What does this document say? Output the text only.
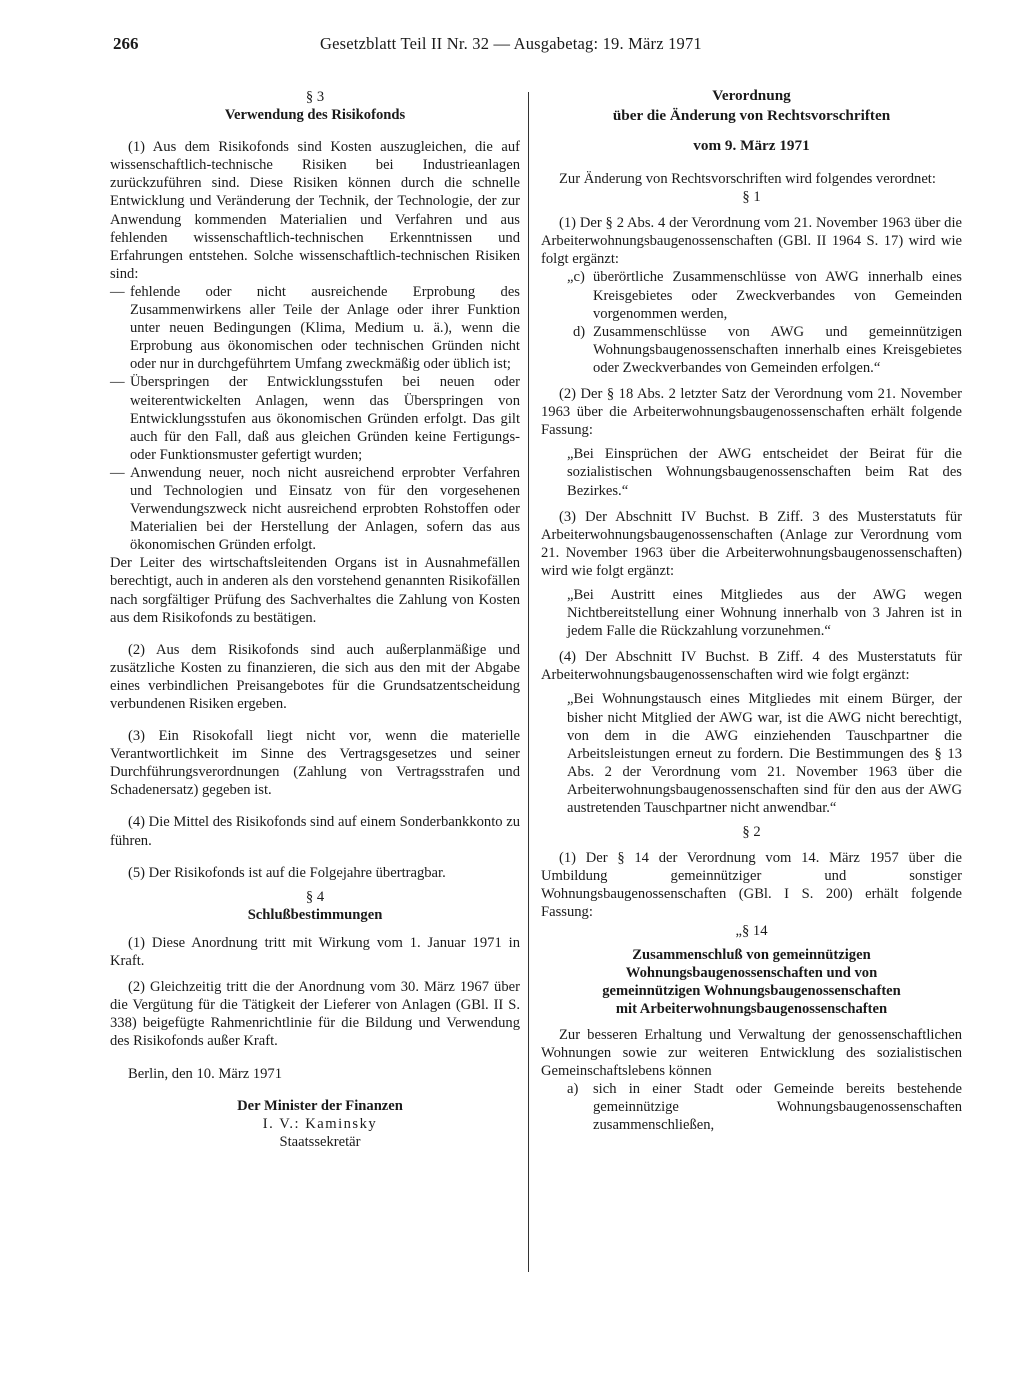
266	Gesetzblatt Teil II Nr. 32 — Ausgabetag: 19. März 1971
§ 3
Verwendung des Risikofonds
(1) Aus dem Risikofonds sind Kosten auszugleichen, die auf wissenschaftlich-technische Risiken bei Industrieanlagen zurückzuführen sind. Diese Risiken können durch die schnelle Entwicklung und Veränderung der Technik, der Technologie, der zur Anwendung kommenden Materialien und Verfahren und aus fehlenden wissenschaftlich-technischen Erkenntnissen und Erfahrungen entstehen. Solche wissenschaftlich-technischen Risiken sind:
— fehlende oder nicht ausreichende Erprobung des Zusammenwirkens aller Teile der Anlage oder ihrer Funktion unter neuen Bedingungen (Klima, Medium u. ä.), wenn die Erprobung aus ökonomischen oder technischen Gründen nicht oder nur in durchgeführtem Umfang zweckmäßig oder üblich ist;
— Überspringen der Entwicklungsstufen bei neuen oder weiterentwickelten Anlagen, wenn das Überspringen von Entwicklungsstufen aus ökonomischen Gründen erfolgt. Das gilt auch für den Fall, daß aus gleichen Gründen keine Fertigungs- oder Funktionsmuster gefertigt wurden;
— Anwendung neuer, noch nicht ausreichend erprobter Verfahren und Technologien und Einsatz von für den vorgesehenen Verwendungszweck nicht ausreichend erprobten Rohstoffen oder Materialien bei der Herstellung der Anlagen, sofern das aus ökonomischen Gründen erfolgt.
Der Leiter des wirtschaftsleitenden Organs ist in Ausnahmefällen berechtigt, auch in anderen als den vorstehend genannten Risikofällen nach sorgfältiger Prüfung des Sachverhaltes die Zahlung von Kosten aus dem Risikofonds zu bestätigen.
(2) Aus dem Risikofonds sind auch außerplanmäßige und zusätzliche Kosten zu finanzieren, die sich aus den mit der Abgabe eines verbindlichen Preisangebotes für die Grundsatzentscheidung verbundenen Risiken ergeben.
(3) Ein Risokofall liegt nicht vor, wenn die materielle Verantwortlichkeit im Sinne des Vertragsgesetzes und seiner Durchführungsverordnungen (Zahlung von Vertragsstrafen und Schadenersatz) gegeben ist.
(4) Die Mittel des Risikofonds sind auf einem Sonderbankkonto zu führen.
(5) Der Risikofonds ist auf die Folgejahre übertragbar.
§ 4
Schlußbestimmungen
(1) Diese Anordnung tritt mit Wirkung vom 1. Januar 1971 in Kraft.
(2) Gleichzeitig tritt die der Anordnung vom 30. März 1967 über die Vergütung für die Tätigkeit der Lieferer von Anlagen (GBl. II S. 338) beigefügte Rahmenrichtlinie für die Bildung und Verwendung des Risikofonds außer Kraft.
Berlin, den 10. März 1971
Der Minister der Finanzen
I. V.: Kaminsky
Staatssekretär
Verordnung
über die Änderung von Rechtsvorschriften
vom 9. März 1971
Zur Änderung von Rechtsvorschriften wird folgendes verordnet:
§ 1
(1) Der § 2 Abs. 4 der Verordnung vom 21. November 1963 über die Arbeiterwohnungsbaugenossenschaften (GBl. II 1964 S. 17) wird wie folgt ergänzt:
„c) überörtliche Zusammenschlüsse von AWG innerhalb eines Kreisgebietes oder Zweckverbandes von Gemeinden vorgenommen werden,
d) Zusammenschlüsse von AWG und gemeinnützigen Wohnungsbaugenossenschaften innerhalb eines Kreisgebietes oder Zweckverbandes von Gemeinden erfolgen.“
(2) Der § 18 Abs. 2 letzter Satz der Verordnung vom 21. November 1963 über die Arbeiterwohnungsbaugenossenschaften erhält folgende Fassung:
„Bei Einsprüchen der AWG entscheidet der Beirat für die sozialistischen Wohnungsbaugenossenschaften beim Rat des Bezirkes.“
(3) Der Abschnitt IV Buchst. B Ziff. 3 des Musterstatuts für Arbeiterwohnungsbaugenossenschaften (Anlage zur Verordnung vom 21. November 1963 über die Arbeiterwohnungsbaugenossenschaften) wird wie folgt ergänzt:
„Bei Austritt eines Mitgliedes aus der AWG wegen Nichtbereitstellung einer Wohnung innerhalb von 3 Jahren ist in jedem Falle die Rückzahlung vorzunehmen.“
(4) Der Abschnitt IV Buchst. B Ziff. 4 des Musterstatuts für Arbeiterwohnungsbaugenossenschaften wird wie folgt ergänzt:
„Bei Wohnungstausch eines Mitgliedes mit einem Bürger, der bisher nicht Mitglied der AWG war, ist die AWG nicht berechtigt, von dem in die AWG einziehenden Tauschpartner die Arbeitsleistungen erneut zu fordern. Die Bestimmungen des § 13 Abs. 2 der Verordnung vom 21. November 1963 über die Arbeiterwohnungsbaugenossenschaften sind für den aus der AWG austretenden Tauschpartner nicht anwendbar.“
§ 2
(1) Der § 14 der Verordnung vom 14. März 1957 über die Umbildung gemeinnütziger und sonstiger Wohnungsbaugenossenschaften (GBl. I S. 200) erhält folgende Fassung:
„§ 14
Zusammenschluß von gemeinnützigen
Wohnungsbaugenossenschaften und von
gemeinnützigen Wohnungsbaugenossenschaften
mit Arbeiterwohnungsbaugenossenschaften
Zur besseren Erhaltung und Verwaltung der genossenschaftlichen Wohnungen sowie zur weiteren Entwicklung des sozialistischen Gemeinschaftslebens können
a) sich in einer Stadt oder Gemeinde bereits bestehende gemeinnützige Wohnungsbaugenossenschaften zusammenschließen,
